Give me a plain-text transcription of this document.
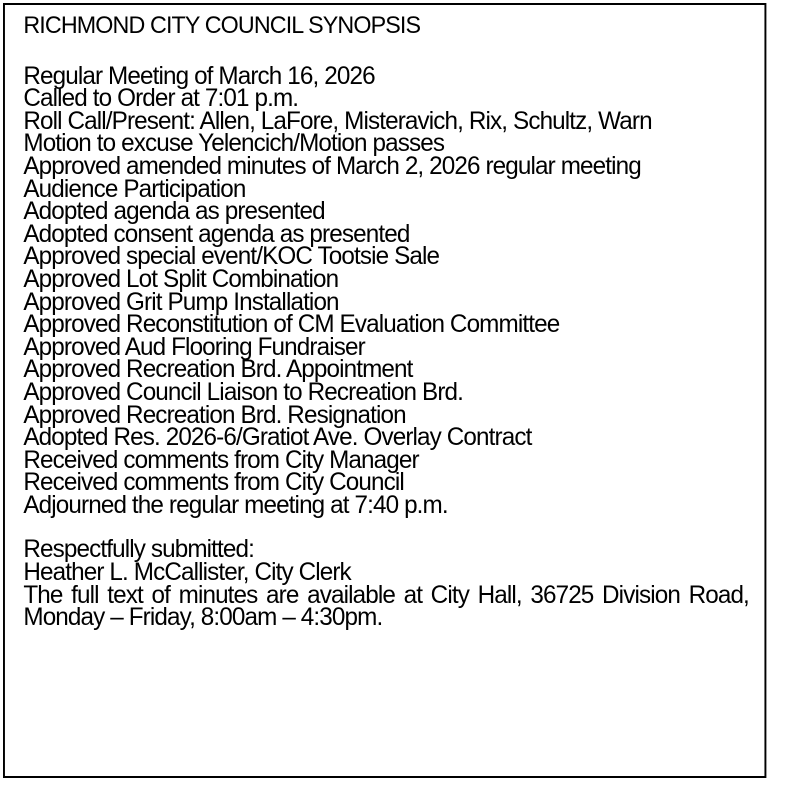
RICHMOND CITY COUNCIL SYNOPSIS
Regular Meeting of March 16, 2026
Called to Order at 7:01 p.m.
Roll Call/Present: Allen, LaFore, Misteravich, Rix, Schultz, Warn
Motion to excuse Yelencich/Motion passes
Approved amended minutes of March 2, 2026 regular meeting
Audience Participation
Adopted agenda as presented
Adopted consent agenda as presented
Approved special event/KOC Tootsie Sale
Approved Lot Split Combination
Approved Grit Pump Installation
Approved Reconstitution of CM Evaluation Committee
Approved Aud Flooring Fundraiser
Approved Recreation Brd. Appointment
Approved Council Liaison to Recreation Brd.
Approved Recreation Brd. Resignation
Adopted Res. 2026-6/Gratiot Ave. Overlay Contract
Received comments from City Manager
Received comments from City Council
Adjourned the regular meeting at 7:40 p.m.
Respectfully submitted:
Heather L. McCallister, City Clerk
The full text of minutes are available at City Hall, 36725 Division Road, Monday – Friday, 8:00am – 4:30pm.
